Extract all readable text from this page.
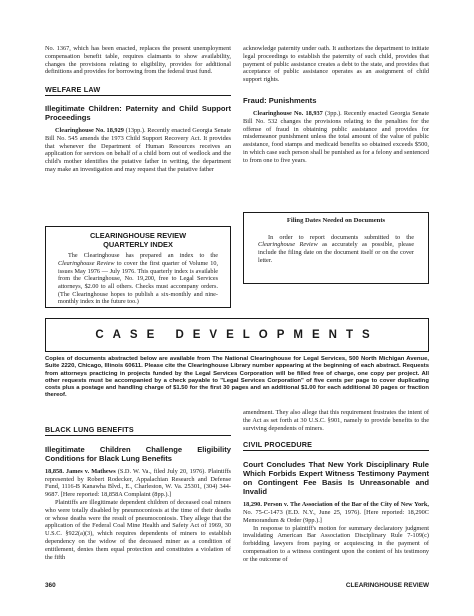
No. 1367, which has been enacted, replaces the present unemployment compensation benefit table, requires claimants to show availability, changes the provisions relating to eligibility, provides for additional definitions and provides for borrowing from the federal trust fund.

WELFARE LAW

Illegitimate Children: Paternity and Child Support Proceedings

Clearinghouse No. 18,929 (13pp.). Recently enacted Georgia Senate Bill No. 545 amends the 1973 Child Support Recovery Act. It provides that whenever the Department of Human Resources receives an application for services on behalf of a child born out of wedlock and the child's mother identifies the putative father in writing, the department may make an investigation and may request that the putative father

CLEARINGHOUSE REVIEW

QUARTERLY INDEX

The Clearinghouse has prepared an index to the Clearinghouse Review to cover the first quarter of Volume 10, issues May 1976 — July 1976. This quarterly index is available from the Clearinghouse, No. 19,200, free to Legal Services attorneys, $2.00 to all others. Checks must accompany orders. (The Clearinghouse hopes to publish a six-monthly and nine-monthly index in the future too.)

acknowledge paternity under oath. It authorizes the department to initiate legal proceedings to establish the paternity of such child, provides that payment of public assistance creates a debt to the state, and provides that acceptance of public assistance operates as an assignment of child support rights.

Fraud: Punishments

Clearinghouse No. 18,937 (3pp.). Recently enacted Georgia Senate Bill No. 532 changes the provisions relating to the penalties for the offense of fraud in obtaining public assistance and provides for misdemeanor punishment unless the total amount of the value of public assistance, food stamps and medicaid benefits so obtained exceeds $500, in which case such person shall be punished as for a felony and sentenced to from one to five years.

Filing Dates Needed on Documents

In order to report documents submitted to the Clearinghouse Review as accurately as possible, please include the filing date on the document itself or on the cover letter.

CASE DEVELOPMENTS

Copies of documents abstracted below are available from The National Clearinghouse for Legal Services, 500 North Michigan Avenue, Suite 2220, Chicago, Illinois 60611. Please cite the Clearinghouse Library number appearing at the beginning of each abstract. Requests from attorneys practicing in projects funded by the Legal Services Corporation will be filled free of charge, one copy per project. All other requests must be accompanied by a check payable to "Legal Services Corporation" of five cents per page to cover duplicating costs plus a postage and handling charge of $1.50 for the first 30 pages and an additional $1.00 for each additional 30 pages or fraction thereof.

BLACK LUNG BENEFITS

Illegitimate Children Challenge Eligibility Conditions for Black Lung Benefits

18,858. James v. Mathews (S.D. W. Va., filed July 20, 1976). Plaintiffs represented by Robert Rodecker, Appalachian Research and Defense Fund, 1116-B Kanawha Blvd., E., Charleston, W. Va. 25301, (304) 344-9687. [Here reported: 18,858A Complaint (8pp.).]

Plaintiffs are illegitimate dependent children of deceased coal miners who were totally disabled by pneumoconiosis at the time of their deaths or whose deaths were the result of pneumoconiosis. They allege that the application of the Federal Coal Mine Health and Safety Act of 1969, 30 U.S.C. §922(a)(3), which requires dependents of miners to establish dependency on the widow of the deceased miner as a condition of entitlement, denies them equal protection and constitutes a violation of the fifth

amendment. They also allege that this requirement frustrates the intent of the Act as set forth at 30 U.S.C. §901, namely to provide benefits to the surviving dependents of miners.

CIVIL PROCEDURE

Court Concludes That New York Disciplinary Rule Which Forbids Expert Witness Testimony Payment on Contingent Fee Basis Is Unreasonable and Invalid

18,290. Person v. The Association of the Bar of the City of New York, No. 75-C-1473 (E.D. N.Y., June 25, 1976). [Here reported: 18,290C Memorandum & Order (9pp.).]

In response to plaintiff's motion for summary declaratory judgment invalidating American Bar Association Disciplinary Rule 7-109(c) forbidding lawyers from paying or acquiescing in the payment of compensation to a witness contingent upon the content of his testimony or the outcome of

360	CLEARINGHOUSE REVIEW
